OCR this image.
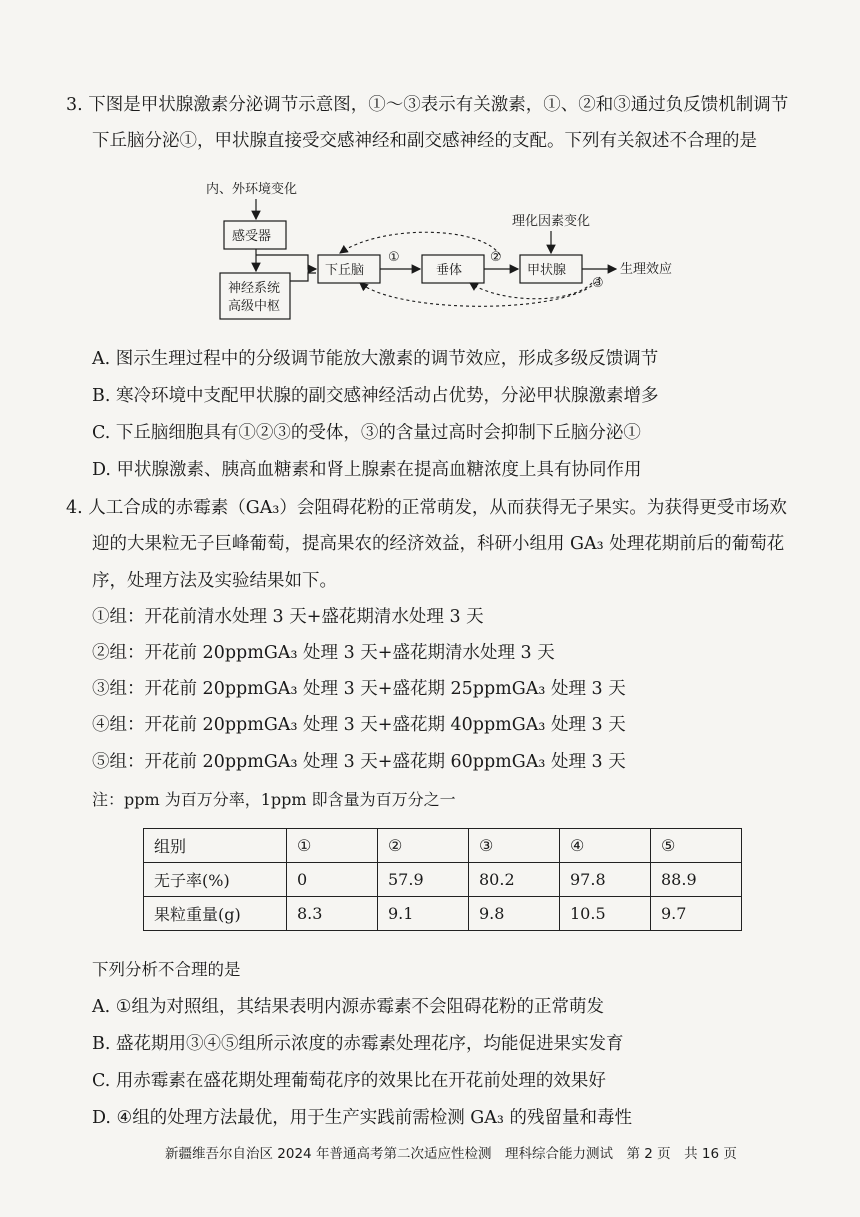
3. 下图是甲状腺激素分泌调节示意图，①～③表示有关激素，①、②和③通过负反馈机制调节
下丘脑分泌①，甲状腺直接受交感神经和副交感神经的支配。下列有关叙述不合理的是
内、外环境变化
感受器
神经系统
高级中枢
下丘脑
①
垂体
②
甲状腺
理化因素变化
生理效应
③
A. 图示生理过程中的分级调节能放大激素的调节效应，形成多级反馈调节
B. 寒冷环境中支配甲状腺的副交感神经活动占优势，分泌甲状腺激素增多
C. 下丘脑细胞具有①②③的受体，③的含量过高时会抑制下丘脑分泌①
D. 甲状腺激素、胰高血糖素和肾上腺素在提高血糖浓度上具有协同作用
4. 人工合成的赤霉素（GA₃）会阻碍花粉的正常萌发，从而获得无子果实。为获得更受市场欢
迎的大果粒无子巨峰葡萄，提高果农的经济效益，科研小组用 GA₃ 处理花期前后的葡萄花
序，处理方法及实验结果如下。
①组：开花前清水处理 3 天+盛花期清水处理 3 天
②组：开花前 20ppmGA₃ 处理 3 天+盛花期清水处理 3 天
③组：开花前 20ppmGA₃ 处理 3 天+盛花期 25ppmGA₃ 处理 3 天
④组：开花前 20ppmGA₃ 处理 3 天+盛花期 40ppmGA₃ 处理 3 天
⑤组：开花前 20ppmGA₃ 处理 3 天+盛花期 60ppmGA₃ 处理 3 天
注：ppm 为百万分率，1ppm 即含量为百万分之一
组别	①	②	③	④	⑤
无子率(%)	0	57.9	80.2	97.8	88.9
果粒重量(g)	8.3	9.1	9.8	10.5	9.7
下列分析不合理的是
A. ①组为对照组，其结果表明内源赤霉素不会阻碍花粉的正常萌发
B. 盛花期用③④⑤组所示浓度的赤霉素处理花序，均能促进果实发育
C. 用赤霉素在盛花期处理葡萄花序的效果比在开花前处理的效果好
D. ④组的处理方法最优，用于生产实践前需检测 GA₃ 的残留量和毒性
新疆维吾尔自治区 2024 年普通高考第二次适应性检测　理科综合能力测试　第 2 页　共 16 页
